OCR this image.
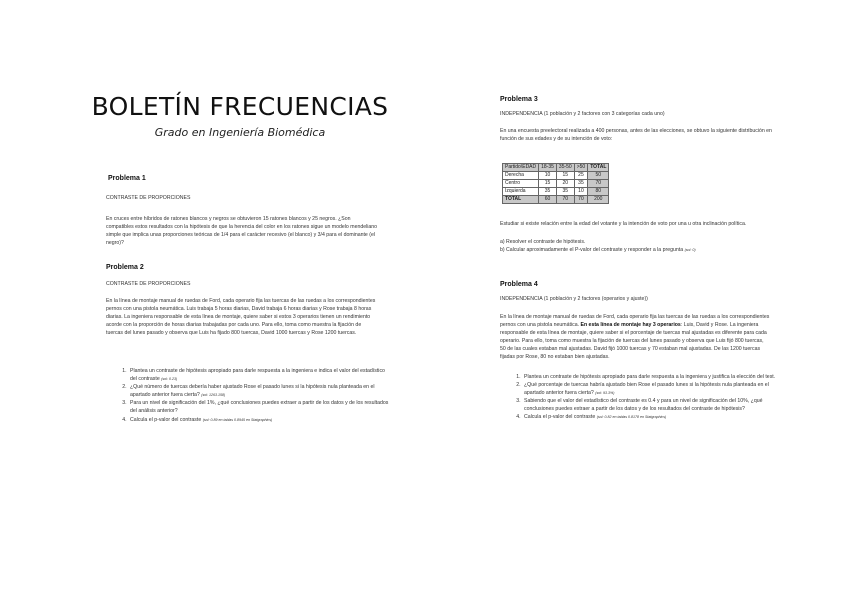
BOLETÍN FRECUENCIAS
Grado en Ingeniería Biomédica
Problema 1
CONTRASTE DE PROPORCIONES
En cruces entre híbridos de ratones blancos y negros se obtuvieron 15 ratones blancos y 25 negros. ¿Son compatibles estos resultados con la hipótesis de que la herencia del color en los ratones sigue un modelo mendeliano simple que implica unas proporciones teóricas de 1/4 para el carácter recesivo (el blanco) y 3/4 para el dominante (el negro)?
Problema 2
CONTRASTE DE PROPORCIONES
En la línea de montaje manual de ruedas de Ford, cada operario fija las tuercas de las ruedas a los correspondientes pernos con una pistola neumática. Luis trabaja 5 horas diarias, David trabaja 6 horas diarias y Rose trabaja 8 horas diarias. La ingeniera responsable de esta línea de montaje, quiere saber si estos 3 operarios tienen un rendimiento acorde con la proporción de horas diarias trabajadas por cada uno. Para ello, toma como muestra la fijación de tuercas del lunes pasado y observa que Luis ha fijado 800 tuercas, David 1000 tuercas y Rose 1200 tuercas.
1. Plantea un contraste de hipótesis apropiado para darle respuesta a la ingeniera e indica el valor del estadístico del contraste (sol: 0.23)
2. ¿Qué número de tuercas debería haber ajustado Rose el pasado lunes si la hipótesis nula planteada en el apartado anterior fuera cierta? (sol: 1263.158)
3. Para un nivel de significación del 1%, ¿qué conclusiones puedes extraer a partir de los datos y de los resultados del análisis anterior?
4. Calcula el p-valor del contraste (sol: 0.89 en tablas 0.8945 en Statgraphics)
Problema 3
INDEPENDENCIA (1 población y 2 factores con 3 categorías cada uno)
En una encuesta preelectoral realizada a 400 personas, antes de las elecciones, se obtuvo la siguiente distribución en función de sus edades y de su intención de voto:
Partido\EDAD	18-35	35-50	>50	TOTAL
Derecha	10	15	25	50
Centro	15	20	35	70
Izquierda	35	35	10	80
TOTAL	60	70	70	200
Estudiar si existe relación entre la edad del votante y la intención de voto por una u otra inclinación política.
a) Resolver el contraste de hipótesis.
b) Calcular aproximadamente el P-valor del contraste y responder a la pregunta (sol: 0)
Problema 4
INDEPENDENCIA (1 población y 2 factores (operarios y ajuste))
En la línea de montaje manual de ruedas de Ford, cada operario fija las tuercas de las ruedas a los correspondientes pernos con una pistola neumática. En esta línea de montaje hay 3 operarios: Luis, David y Rose. La ingeniera responsable de esta línea de montaje, quiere saber si el porcentaje de tuercas mal ajustadas es diferente para cada operario. Para ello, toma como muestra la fijación de tuercas del lunes pasado y observa que Luis fijó 800 tuercas, 50 de las cuales estaban mal ajustadas. David fijó 1000 tuercas y 70 estaban mal ajustadas. De las 1200 tuercas fijadas por Rose, 80 no estaban bien ajustadas.
1. Plantea un contraste de hipótesis apropiado para darle respuesta a la ingeniera y justifica la elección del test.
2. ¿Qué porcentaje de tuercas habría ajustado bien Rose el pasado lunes si la hipótesis nula planteada en el apartado anterior fuera cierta? (sol: 93.3%)
3. Sabiendo que el valor del estadístico del contraste es 0.4 y para un nivel de significación del 10%, ¿qué conclusiones puedes extraer a partir de los datos y de los resultados del contraste de hipótesis?
4. Calcula el p-valor del contraste (sol: 0.82 en tablas 0.8178 en Statgraphics)
